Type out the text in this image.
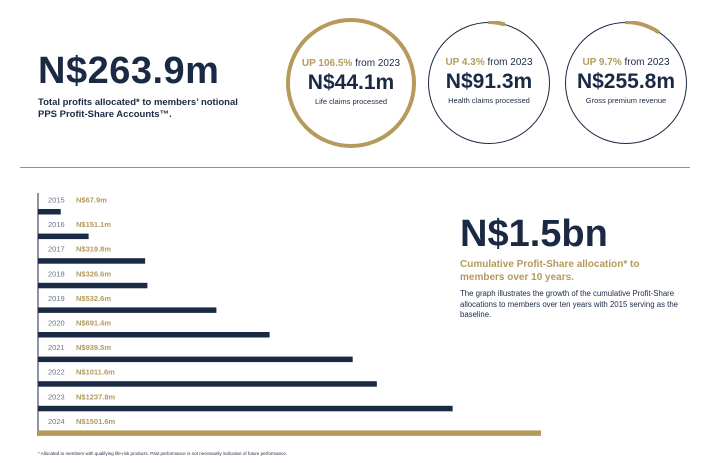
N$263.9m
Total profits allocated* to members’ notional PPS Profit-Share Accounts™.
UP 106.5% from 2023
N$44.1m
Life claims processed
UP 4.3% from 2023
N$91.3m
Health claims processed
UP 9.7% from 2023
N$255.8m
Gross premium revenue
2015 N$67.9m
2016 N$151.1m
2017 N$319.8m
2018 N$326.6m
2019 N$532.6m
2020 N$691.4m
2021 N$939.5m
2022 N$1011.6m
2023 N$1237.8m
2024 N$1501.6m
N$1.5bn
Cumulative Profit-Share allocation* to members over 10 years.
The graph illustrates the growth of the cumulative Profit-Share allocations to members over ten years with 2015 serving as the baseline.
* Allocated to members with qualifying life-risk products. Past performance is not necessarily indicative of future performance.
